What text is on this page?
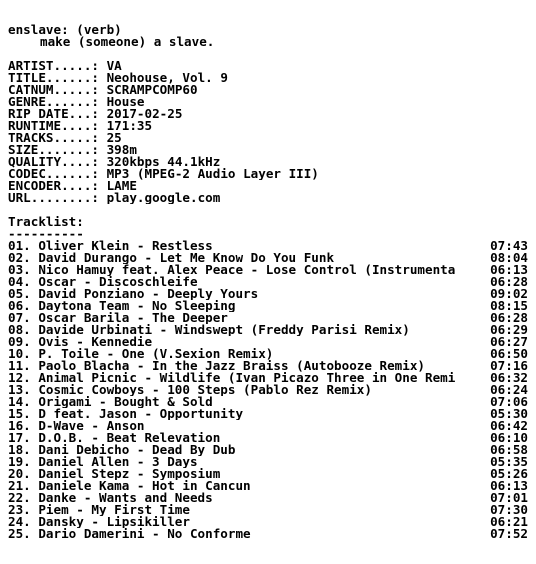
enslave: (verb)
make (someone) a slave.
ARTIST.....: VA
TITLE......: Neohouse, Vol. 9
CATNUM.....: SCRAMPCOMP60
GENRE......: House
RIP DATE...: 2017-02-25
RUNTIME....: 171:35
TRACKS.....: 25
SIZE.......: 398m
QUALITY....: 320kbps 44.1kHz
CODEC......: MP3 (MPEG-2 Audio Layer III)
ENCODER....: LAME
URL........: play.google.com
Tracklist:
----------
01. Oliver Klein - Restless	07:43
02. David Durango - Let Me Know Do You Funk	08:04
03. Nico Hamuy feat. Alex Peace - Lose Control (Instrumenta	06:13
04. Oscar - Discoschleife	06:28
05. David Ponziano - Deeply Yours	09:02
06. Daytona Team - No Sleeping	08:15
07. Oscar Barila - The Deeper	06:28
08. Davide Urbinati - Windswept (Freddy Parisi Remix)	06:29
09. Ovis - Kennedie	06:27
10. P. Toile - One (V.Sexion Remix)	06:50
11. Paolo Blacha - In the Jazz Braiss (Autobooze Remix)	07:16
12. Animal Picnic - Wildlife (Ivan Picazo Three in One Remi	06:32
13. Cosmic Cowboys - 100 Steps (Pablo Rez Remix)	06:24
14. Origami - Bought & Sold	07:06
15. D feat. Jason - Opportunity	05:30
16. D-Wave - Anson	06:42
17. D.O.B. - Beat Relevation	06:10
18. Dani Debicho - Dead By Dub	06:58
19. Daniel Allen - 3 Days	05:35
20. Daniel Stepz - Symposium	05:26
21. Daniele Kama - Hot in Cancun	06:13
22. Danke - Wants and Needs	07:01
23. Piem - My First Time	07:30
24. Dansky - Lipsikiller	06:21
25. Dario Damerini - No Conforme	07:52
